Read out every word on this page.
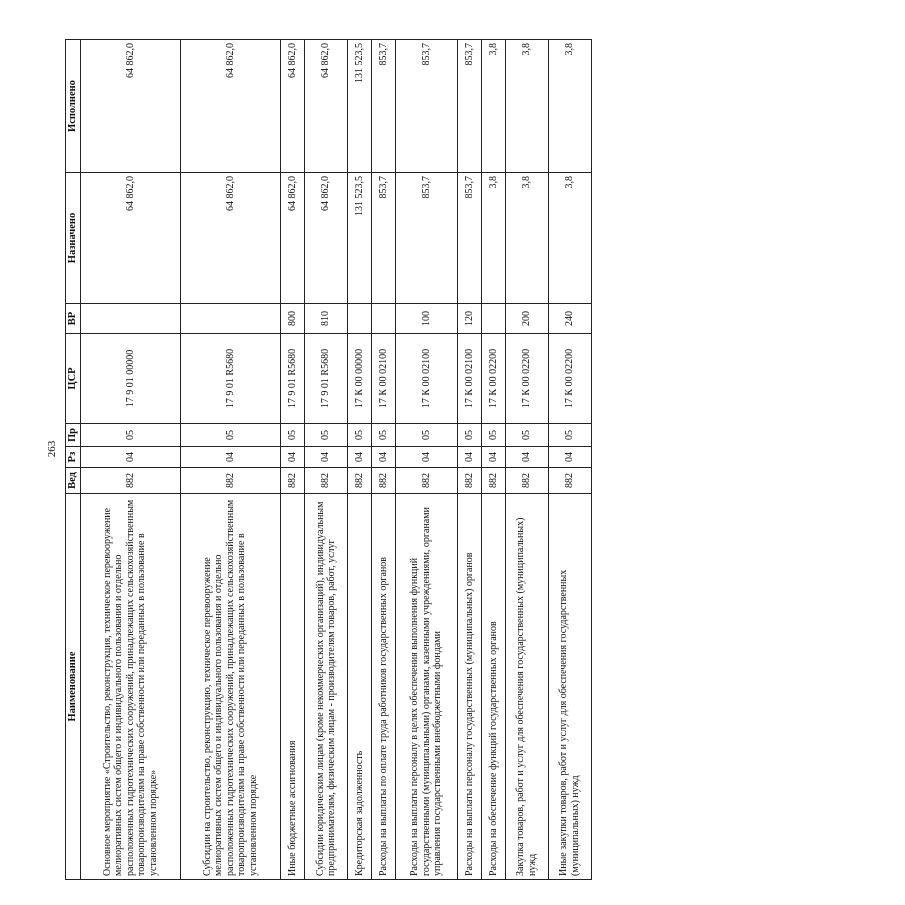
263
Наименование	Вед	Рз	Пр	ЦСР	ВР	Назначено	Исполнено
Основное мероприятие «Строительство, реконструкция, техническое перевооружение мелиоративных систем общего и индивидуального пользования и отдельно расположенных гидротехнических сооружений, принадлежащих сельскохозяйственным товаропроизводителям на праве собственности или переданных в пользование в установленном порядке»	882	04	05	17 9 01 00000		64 862,0	64 862,0
Субсидии на строительство, реконструкцию, техническое перевооружение мелиоративных систем общего и индивидуального пользования и отдельно расположенных гидротехнических сооружений, принадлежащих сельскохозяйственным товаропроизводителям на праве собственности или переданных в пользование в установленном порядке	882	04	05	17 9 01 R5680		64 862,0	64 862,0
Иные бюджетные ассигнования	882	04	05	17 9 01 R5680	800	64 862,0	64 862,0
Субсидии юридическим лицам (кроме некоммерческих организаций), индивидуальным предпринимателям, физическим лицам - производителям товаров, работ, услуг	882	04	05	17 9 01 R5680	810	64 862,0	64 862,0
Кредиторская задолженность	882	04	05	17 К 00 00000		131 523,5	131 523,5
Расходы на выплаты по оплате труда работников государственных органов	882	04	05	17 К 00 02100		853,7	853,7
Расходы на выплаты персоналу в целях обеспечения выполнения функций государственными (муниципальными) органами, казенными учреждениями, органами управления государственными внебюджетными фондами	882	04	05	17 К 00 02100	100	853,7	853,7
Расходы на выплаты персоналу государственных (муниципальных) органов	882	04	05	17 К 00 02100	120	853,7	853,7
Расходы на обеспечение функций государственных органов	882	04	05	17 К 00 02200		3,8	3,8
Закупка товаров, работ и услуг для обеспечения государственных (муниципальных) нужд	882	04	05	17 К 00 02200	200	3,8	3,8
Иные закупки товаров, работ и услуг для обеспечения государственных (муниципальных) нужд	882	04	05	17 К 00 02200	240	3,8	3,8
